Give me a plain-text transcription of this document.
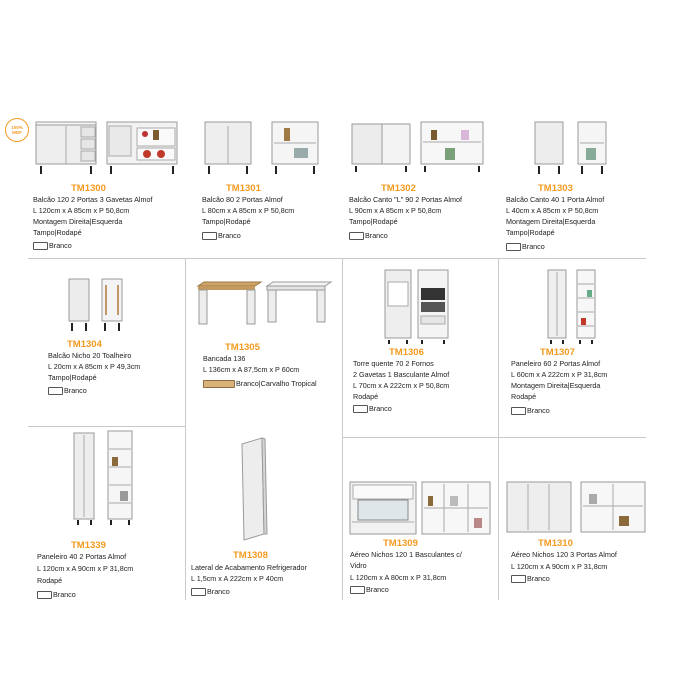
100%
MDF
TM1300
Balcão 120 2 Portas 3 Gavetas Almof
L 120cm x A 85cm x P 50,8cm
Montagem Direita|Esquerda
Tampo|Rodapé
Branco
TM1301
Balcão 80 2 Portas Almof
L 80cm x A 85cm x P 50,8cm
Tampo|Rodapé
Branco
TM1302
Balcão Canto "L" 90 2 Portas Almof
L 90cm x A 85cm x P 50,8cm
Tampo|Rodapé
Branco
TM1303
Balcão Canto 40 1 Porta Almof
L 40cm x A 85cm x P 50,8cm
Montagem Direita|Esquerda
Tampo|Rodapé
Branco
TM1304
Balcão Nicho 20 Toalheiro
L 20cm x A 85cm x P 49,3cm
Tampo|Rodapé
Branco
TM1305
Bancada 136
L 136cm x A 87,5cm x P 60cm
Branco|Carvalho Tropical
TM1306
Torre quente 70 2 Fornos
2 Gavetas 1 Basculante Almof
L 70cm x A 222cm x P 50,8cm
Rodapé
Branco
TM1307
Paneleiro 60 2 Portas Almof
L 60cm x A 222cm x P 31,8cm
Montagem Direita|Esquerda
Rodapé
Branco
TM1339
Paneleiro 40 2 Portas Almof
L 120cm x A 90cm x P 31,8cm
Rodapé
Branco
TM1308
Lateral de Acabamento Refrigerador
L 1,5cm x A 222cm x P 40cm
Branco
TM1309
Aéreo Nichos 120 1 Basculantes c/
Vidro
L 120cm x A 80cm x P 31,8cm
Branco
TM1310
Aéreo Nichos 120 3 Portas Almof
L 120cm x A 90cm x P 31,8cm
Branco
